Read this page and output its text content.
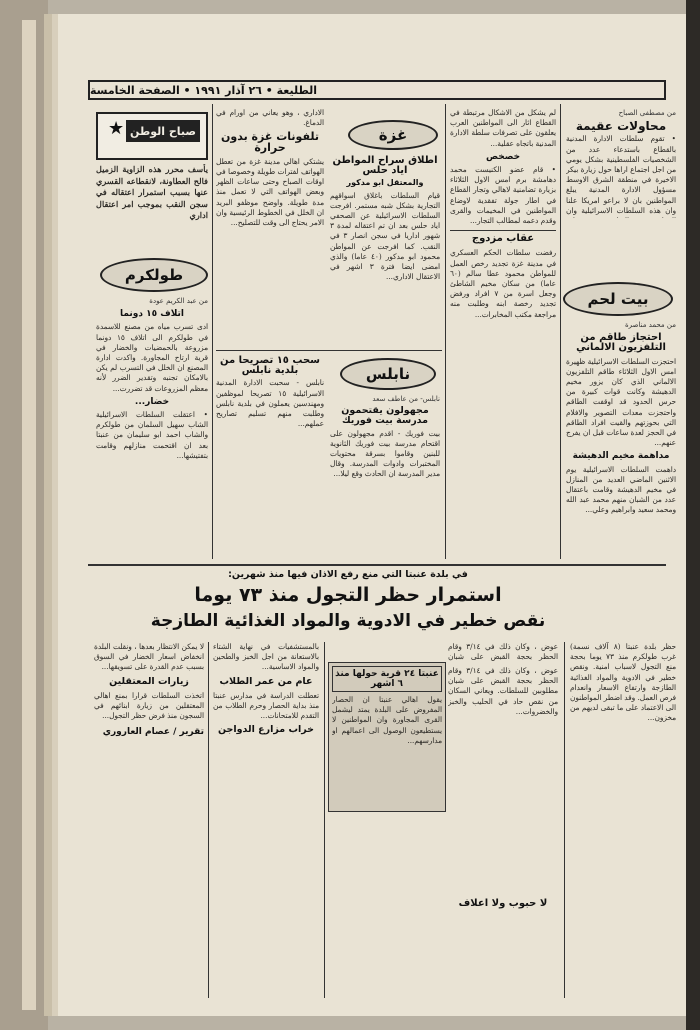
الطليعة • ٢٦ آذار ١٩٩١ • الصفحة الخامسة
من مصطفى الصباح
محاولات عقيمة
• تقوم سلطات الادارة المدنية بالقطاع باستدعاء عدد من الشخصيات الفلسطينية بشكل يومي من اجل اجتماع اراها حول زيارة بيكر الاخيرة في منطقة الشرق الاوسط مسؤول الادارة المدنية يبلغ المواطنين بان لا براعو امريكا علنا وان هذه السلطات الاسرائيلية وان
بيت لحم
من محمد مناصرة
احتجاز طاقم من التلفزيون الالماني
احتجزت السلطات الاسرائيلية ظهيرة امس الاول الثلاثاء طاقم التلفزيون الالماني الذي كان يزور مخيم الدهيشة وكانت قوات كبيرة من حرس الحدود قد اوقفت الطاقم واحتجزت معدات التصوير والافلام التي بحوزتهم والقيت افراد الطاقم في الحجز لعدة ساعات قبل ان يفرج عنهم...
مداهمة مخيم الدهيشة
داهمت السلطات الاسرائيلية يوم الاثنين الماضي العديد من المنازل في مخيم الدهيشة وقامت باعتقال عدد من الشبان منهم محمد عبد الله ومحمد سعيد وابراهيم وعلي...
لم يشكل من الاشكال مرتبطة في القطاع اثار الى المواطنين العرب يعلقون على تصرفات سلطة الادارة المدنية باتجاه عقلية...
خصخص
• قام عضو الكنيست محمد دهامشة برم امس الاول الثلاثاء بزيارة تضامنية لاهالي وتجار القطاع في اطار جولة تفقدية لاوضاع المواطنين في المخيمات والقرى وقدم دعمه لمطالب التجار...
عقاب مزدوج
رفضت سلطات الحكم العسكري في مدينة غزة تجديد رخص العمل للمواطن محمود عطا سالم (٦٠ عاما) من سكان مخيم الشاطئ وجعل اسرة من ٧ افراد ورفض تجديد رخصة ابنه وطلبت منه مراجعة مكتب المخابرات...
غزة
اطلاق سراح المواطن اياد حلس
والمعتقل ابو مدكور
قيام السلطات باغلاق اسواقهم التجارية بشكل شبه مستمر. افرجت السلطات الاسرائيلية عن الصحفي اياد حلس بعد ان تم اعتقاله لمدة ٣ شهور اداريا في سجن انصار ٣ في النقب. كما افرجت عن المواطن محمود ابو مدكور (٤٠ عاما) والذي امضى ايضا فترة ٣ اشهر في الاعتقال الاداري...
الاداري ، وهو يعاني من اورام في الدماغ.
تلفونات غزة بدون حرارة
يشتكي اهالي مدينة غزة من تعطل الهواتف لفترات طويلة وخصوصا في اوقات الصباح وحتى ساعات الظهر وبعض الهواتف التي لا تعمل منذ مدة طويلة. واوضح موظفو البريد ان الخلل في الخطوط الرئيسية وان الامر يحتاج الى وقت للتصليح...
★ صباح الوطن
يأسف محرر هذه الزاوية الزميل فالح العطاونة، لانقطاعه القسري عنها بسبب استمرار اعتقاله في سجن النقب بموجب امر اعتقال اداري
طولكرم
من عبد الكريم عودة
اتلاف ١٥ دونما
ادى تسرب مياه من مصنع للاسمدة في طولكرم الى اتلاف ١٥ دونما مزروعة بالحمضيات والخضار في قرية ارتاح المجاورة. واكدت ادارة المصنع ان الخلل في التسرب لم يكن بالامكان تجنبه وتقدير الضرر لأنه معظم المزروعات قد تضررت...
خضار...
• اعتقلت السلطات الاسرائيلية الشاب سهيل السلمان من طولكرم والشاب احمد ابو سليمان من عنبتا بعد ان اقتحمت منازلهم وقامت بتفتيشها...
سحب ١٥ تصريحا من بلدية نابلس
نابلس - سحبت الادارة المدنية الاسرائيلية ١٥ تصريحا لموظفين ومهندسين يعملون في بلدية نابلس وطلبت منهم تسليم تصاريح عملهم...
نابلس
نابلس- من عاطف سعد
مجهولون يقتحمون مدرسة بيت فوريك
بيت فوريك - اقدم مجهولون على اقتحام مدرسة بيت فوريك الثانوية للبنين وقاموا بسرقة محتويات المختبرات وادوات المدرسة. وقال مدير المدرسة ان الحادث وقع ليلا...
في بلدة عنبتا التي منع رفع الاذان فيها منذ شهرين:
استمرار حظر التجول منذ ٧٣ يوما
نقص خطير في الادوية والمواد الغذائية الطازجة
حظر بلدة عنبتا (٨ آلاف نسمة) غرب طولكرم منذ ٧٣ يوما بحجة منع التجول لاسباب امنية. ونقص خطير في الادوية والمواد الغذائية الطازجة وارتفاع الاسعار وانعدام فرص العمل. وقد اضطر المواطنون الى الاعتماد على ما تبقى لديهم من مخزون...
عوض ، وكان ذلك في ٣/١٤ وقام الحظر بحجة القبض على شبان
عنبتا ٢٤ قرية حولها منذ ٦ اشهر
يقول اهالي عنبتا ان الحصار المفروض على البلدة يمتد ليشمل القرى المجاورة وان المواطنين لا يستطيعون الوصول الى اعمالهم او مدارسهم...
عوض ، وكان ذلك في ٣/١٤ وقام الحظر بحجة القبض على شبان مطلوبين للسلطات. ويعاني السكان من نقص حاد في الحليب والخبز والخضروات...
لا حبوب ولا اعلاف
بالمستشفيات في نهاية الشتاء بالاستعانة من اجل الخبز والطحين والمواد الاساسية...
عام من عمر الطلاب
تعطلت الدراسة في مدارس عنبتا منذ بداية الحصار وحرم الطلاب من التقدم للامتحانات...
خراب مزارع الدواجن
لا يمكن الانتظار بعدها ، ونقلت البلدة انخفاض اسعار الخضار في السوق بسبب عدم القدرة على تسويقها...
زيارات المعتقلين
اتخذت السلطات قرارا بمنع اهالي المعتقلين من زيارة ابنائهم في السجون منذ فرض حظر التجول...
تقرير / عصام العاروري
